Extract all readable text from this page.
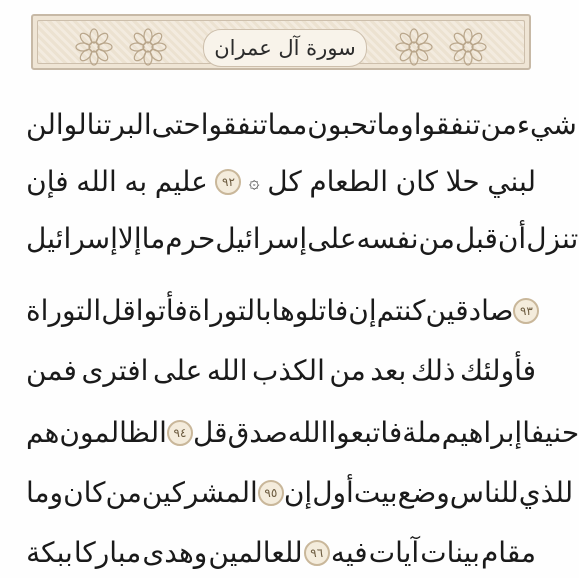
سورة آل عمران
لن تنالوا البر حتى تنفقوا مما تحبون وما تنفقوا من شيء
فإن الله به عليم	٩٢ ۞ كل الطعام كان حلا لبني
إسرائيل إلا ما حرم إسرائيل على نفسه من قبل أن تنزل
التوراة قل فأتوا بالتوراة فاتلوها إن كنتم صادقين ٩٣
فمن افترى على الله الكذب من بعد ذلك فأولئك
هم الظالمون ٩٤ قل صدق الله فاتبعوا ملة إبراهيم حنيفا
وما كان من المشركين ٩٥ إن أول بيت وضع للناس للذي
ببكة مباركا وهدى للعالمين ٩٦ فيه آيات بينات مقام
